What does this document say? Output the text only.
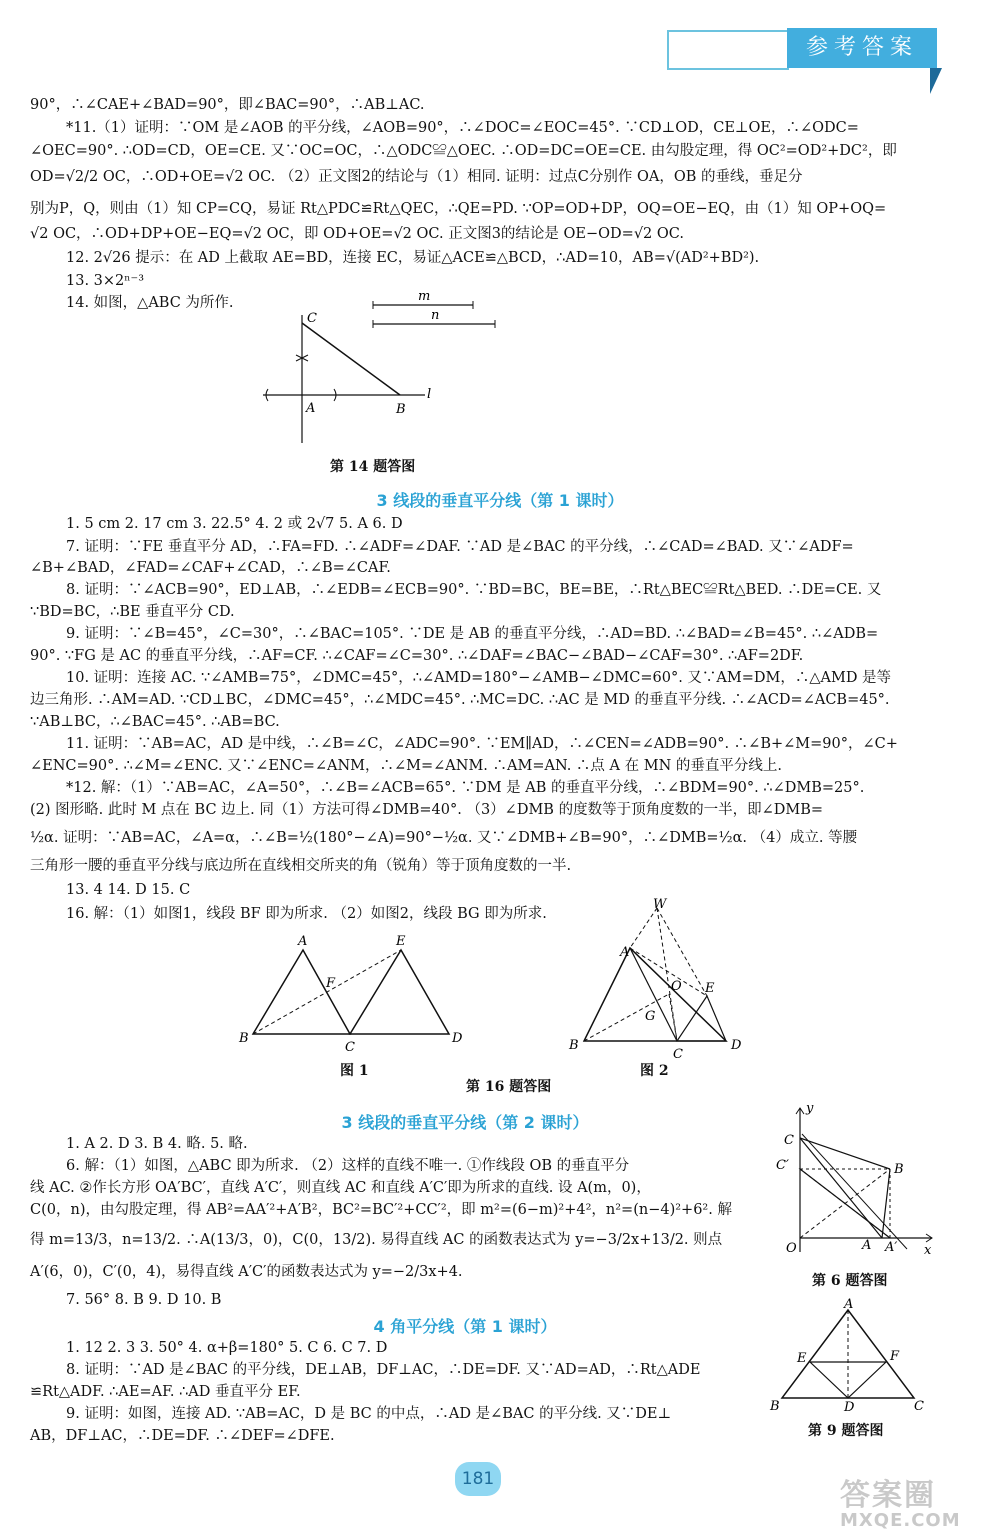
参考答案
90°，∴∠CAE+∠BAD=90°，即∠BAC=90°，∴AB⊥AC.
*11.（1）证明：∵OM 是∠AOB 的平分线，∠AOB=90°，∴∠DOC=∠EOC=45°. ∵CD⊥OD，CE⊥OE，∴∠ODC=
∠OEC=90°. ∴OD=CD，OE=CE. 又∵OC=OC，∴△ODC≌△OEC. ∴OD=DC=OE=CE. 由勾股定理，得 OC²=OD²+DC²，即
OD=√2/2 OC，∴OD+OE=√2 OC. （2）正文图2的结论与（1）相同. 证明：过点C分别作 OA，OB 的垂线，垂足分
别为P，Q，则由（1）知 CP=CQ，易证 Rt△PDC≌Rt△QEC，∴QE=PD. ∵OP=OD+DP，OQ=OE−EQ，由（1）知 OP+OQ=
√2 OC，∴OD+DP+OE−EQ=√2 OC，即 OD+OE=√2 OC. 正文图3的结论是 OE−OD=√2 OC.
12. 2√26 提示：在 AD 上截取 AE=BD，连接 EC，易证△ACE≌△BCD，∴AD=10，AB=√(AD²+BD²).
13. 3×2ⁿ⁻³
14. 如图，△ABC 为所作.	m
n
C
A	B
l
第 14 题答图
3 线段的垂直平分线（第 1 课时）
1. 5 cm 2. 17 cm 3. 22.5° 4. 2 或 2√7 5. A 6. D
7. 证明：∵FE 垂直平分 AD，∴FA=FD. ∴∠ADF=∠DAF. ∵AD 是∠BAC 的平分线，∴∠CAD=∠BAD. 又∵∠ADF=
∠B+∠BAD，∠FAD=∠CAF+∠CAD，∴∠B=∠CAF.
8. 证明：∵∠ACB=90°，ED⊥AB，∴∠EDB=∠ECB=90°. ∵BD=BC，BE=BE，∴Rt△BEC≌Rt△BED. ∴DE=CE. 又
∵BD=BC，∴BE 垂直平分 CD.
9. 证明：∵∠B=45°，∠C=30°，∴∠BAC=105°. ∵DE 是 AB 的垂直平分线，∴AD=BD. ∴∠BAD=∠B=45°. ∴∠ADB=
90°. ∵FG 是 AC 的垂直平分线，∴AF=CF. ∴∠CAF=∠C=30°. ∴∠DAF=∠BAC−∠BAD−∠CAF=30°. ∴AF=2DF.
10. 证明：连接 AC. ∵∠AMB=75°，∠DMC=45°，∴∠AMD=180°−∠AMB−∠DMC=60°. 又∵AM=DM，∴△AMD 是等
边三角形. ∴AM=AD. ∵CD⊥BC，∠DMC=45°，∴∠MDC=45°. ∴MC=DC. ∴AC 是 MD 的垂直平分线. ∴∠ACD=∠ACB=45°.
∵AB⊥BC，∴∠BAC=45°. ∴AB=BC.
11. 证明：∵AB=AC，AD 是中线，∴∠B=∠C，∠ADC=90°. ∵EM∥AD，∴∠CEN=∠ADB=90°. ∴∠B+∠M=90°，∠C+
∠ENC=90°. ∴∠M=∠ENC. 又∵∠ENC=∠ANM，∴∠M=∠ANM. ∴AM=AN. ∴点 A 在 MN 的垂直平分线上.
*12. 解：（1）∵AB=AC，∠A=50°，∴∠B=∠ACB=65°. ∵DM 是 AB 的垂直平分线，∴∠BDM=90°. ∴∠DMB=25°.
(2) 图形略. 此时 M 点在 BC 边上. 同（1）方法可得∠DMB=40°. （3）∠DMB 的度数等于顶角度数的一半，即∠DMB=
½α. 证明：∵AB=AC，∠A=α，∴∠B=½(180°−∠A)=90°−½α. 又∵∠DMB+∠B=90°，∴∠DMB=½α. （4）成立. 等腰
三角形一腰的垂直平分线与底边所在直线相交所夹的角（锐角）等于顶角度数的一半.
13. 4 14. D 15. C
16. 解：（1）如图1，线段 BF 即为所求. （2）如图2，线段 BG 即为所求.
A	E
F
B
C
D
图 1
W
A
O E
G
B
C
D
图 2
第 16 题答图
3 线段的垂直平分线（第 2 课时）
1. A 2. D 3. B 4. 略. 5. 略.
6. 解：（1）如图，△ABC 即为所求. （2）这样的直线不唯一. ①作线段 OB 的垂直平分
线 AC. ②作长方形 OA′BC′，直线 A′C′，则直线 AC 和直线 A′C′即为所求的直线. 设 A(m，0)，
C(0，n)，由勾股定理，得 AB²=AA′²+A′B²，BC²=BC′²+CC′²，即 m²=(6−m)²+4²，n²=(n−4)²+6². 解
得 m=13/3，n=13/2. ∴A(13/3，0)，C(0，13/2). 易得直线 AC 的函数表达式为 y=−3/2x+13/2. 则点
A′(6，0)，C′(0，4)，易得直线 A′C′的函数表达式为 y=−2/3x+4.
7. 56° 8. B 9. D 10. B
y
x
C
C′	B
O	A A′
第 6 题答图
4 角平分线（第 1 课时）
1. 12 2. 3 3. 50° 4. α+β=180° 5. C 6. C 7. D
8. 证明：∵AD 是∠BAC 的平分线，DE⊥AB，DF⊥AC，∴DE=DF. 又∵AD=AD，∴Rt△ADE
≌Rt△ADF. ∴AE=AF. ∴AD 垂直平分 EF.
9. 证明：如图，连接 AD. ∵AB=AC，D 是 BC 的中点，∴AD 是∠BAC 的平分线. 又∵DE⊥
AB，DF⊥AC，∴DE=DF. ∴∠DEF=∠DFE.
A
E	F
B	D	C
第 9 题答图
181	答案圈
MXQE.COM
